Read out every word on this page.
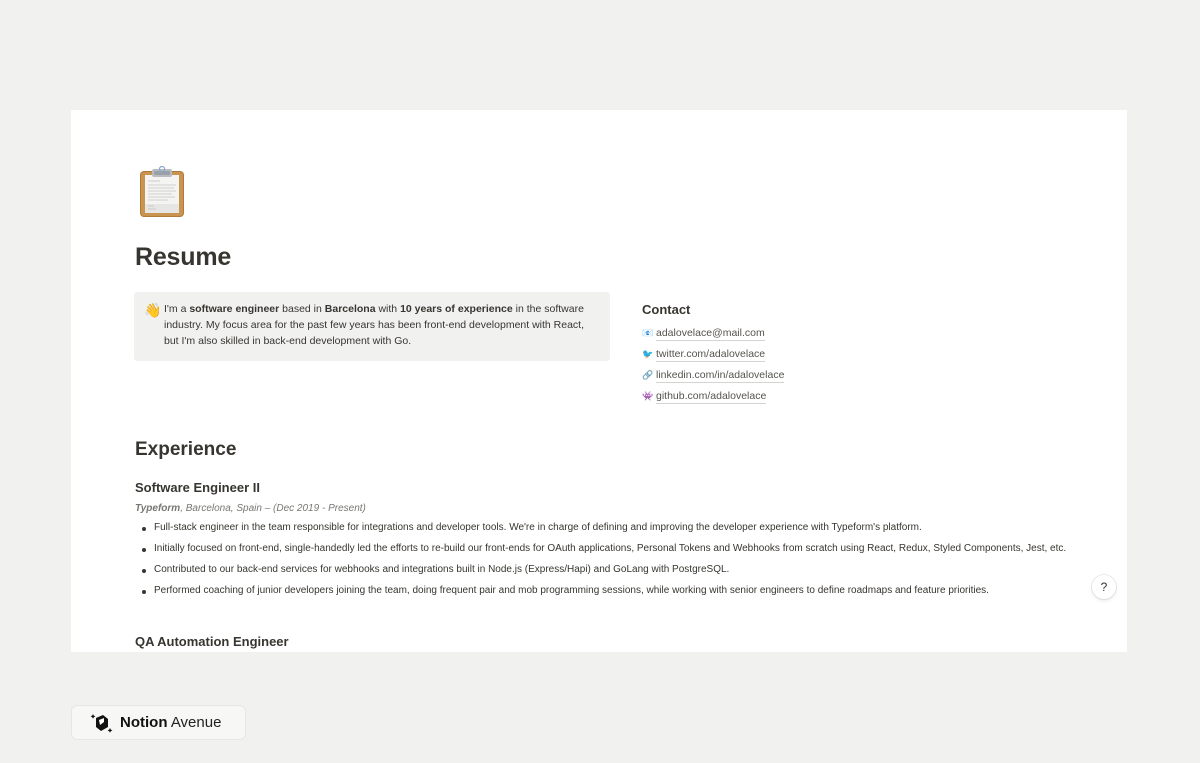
Resume
👋 I'm a software engineer based in Barcelona with 10 years of experience in the software industry. My focus area for the past few years has been front-end development with React, but I'm also skilled in back-end development with Go.
Contact
📧 adalovelace@mail.com
🐦 twitter.com/adalovelace
🔗 linkedin.com/in/adalovelace
👾 github.com/adalovelace
Experience
Software Engineer II
Typeform, Barcelona, Spain – (Dec 2019 - Present)
Full-stack engineer in the team responsible for integrations and developer tools. We're in charge of defining and improving the developer experience with Typeform's platform.
Initially focused on front-end, single-handedly led the efforts to re-build our front-ends for OAuth applications, Personal Tokens and Webhooks from scratch using React, Redux, Styled Components, Jest, etc.
Contributed to our back-end services for webhooks and integrations built in Node.js (Express/Hapi) and GoLang with PostgreSQL.
Performed coaching of junior developers joining the team, doing frequent pair and mob programming sessions, while working with senior engineers to define roadmaps and feature priorities.
QA Automation Engineer
?
Notion Avenue
